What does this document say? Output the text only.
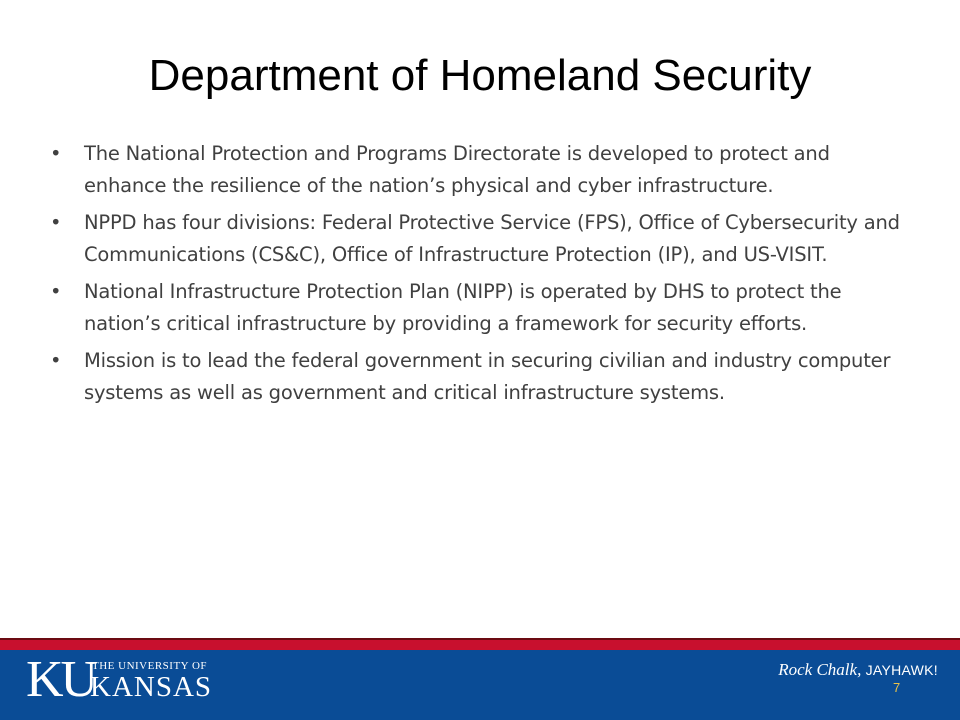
Department of Homeland Security
• The National Protection and Programs Directorate is developed to protect and enhance the resilience of the nation’s physical and cyber infrastructure.
• NPPD has four divisions: Federal Protective Service (FPS), Office of Cybersecurity and Communications (CS&C), Office of Infrastructure Protection (IP), and US-VISIT.
• National Infrastructure Protection Plan (NIPP) is operated by DHS to protect the nation’s critical infrastructure by providing a framework for security efforts.
• Mission is to lead the federal government in securing civilian and industry computer systems as well as government and critical infrastructure systems.
KU
THE UNIVERSITY OF
KANSAS
Rock Chalk, JAYHAWK!
7
